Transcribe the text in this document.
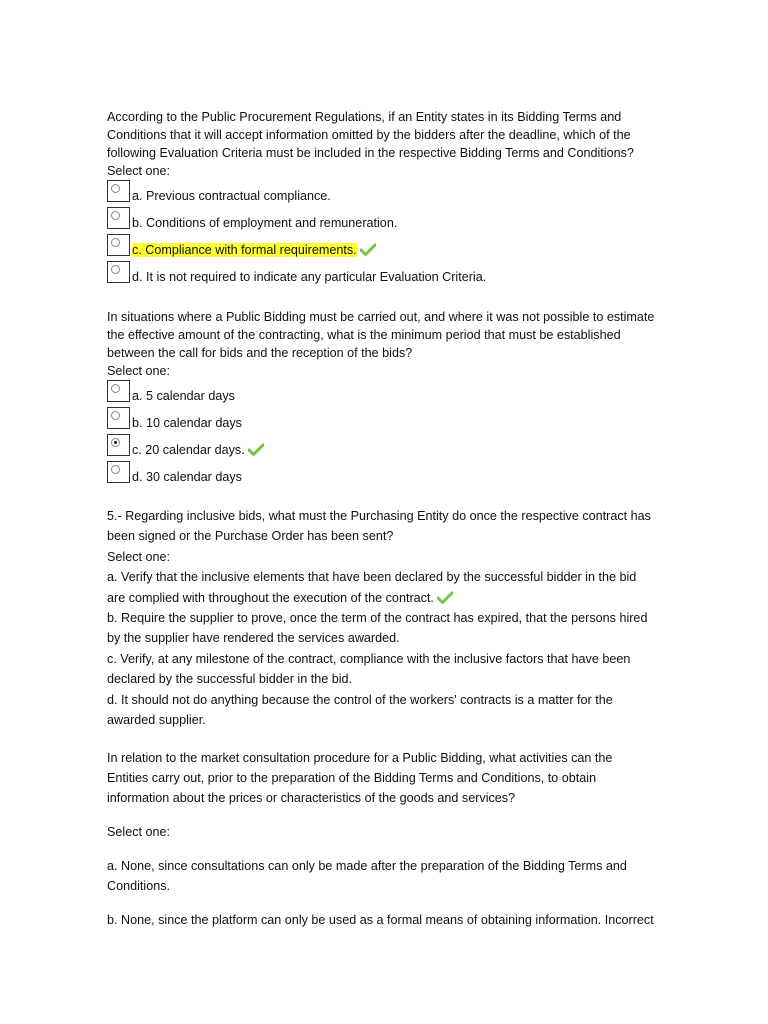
According to the Public Procurement Regulations, if an Entity states in its Bidding Terms and Conditions that it will accept information omitted by the bidders after the deadline, which of the following Evaluation Criteria must be included in the respective Bidding Terms and Conditions?
Select one:
a. Previous contractual compliance.
b. Conditions of employment and remuneration.
c. Compliance with formal requirements.
d. It is not required to indicate any particular Evaluation Criteria.
In situations where a Public Bidding must be carried out, and where it was not possible to estimate the effective amount of the contracting, what is the minimum period that must be established between the call for bids and the reception of the bids?
Select one:
a. 5 calendar days
b. 10 calendar days
c. 20 calendar days.
d. 30 calendar days
5.- Regarding inclusive bids, what must the Purchasing Entity do once the respective contract has
been signed or the Purchase Order has been sent?
Select one:
a. Verify that the inclusive elements that have been declared by the successful bidder in the bid
are complied with throughout the execution of the contract.
b. Require the supplier to prove, once the term of the contract has expired, that the persons hired
by the supplier have rendered the services awarded.
c. Verify, at any milestone of the contract, compliance with the inclusive factors that have been
declared by the successful bidder in the bid.
d. It should not do anything because the control of the workers' contracts is a matter for the
awarded supplier.
In relation to the market consultation procedure for a Public Bidding, what activities can the Entities carry out, prior to the preparation of the Bidding Terms and Conditions, to obtain information about the prices or characteristics of the goods and services?
Select one:
a. None, since consultations can only be made after the preparation of the Bidding Terms and Conditions.
b. None, since the platform can only be used as a formal means of obtaining information. Incorrect
